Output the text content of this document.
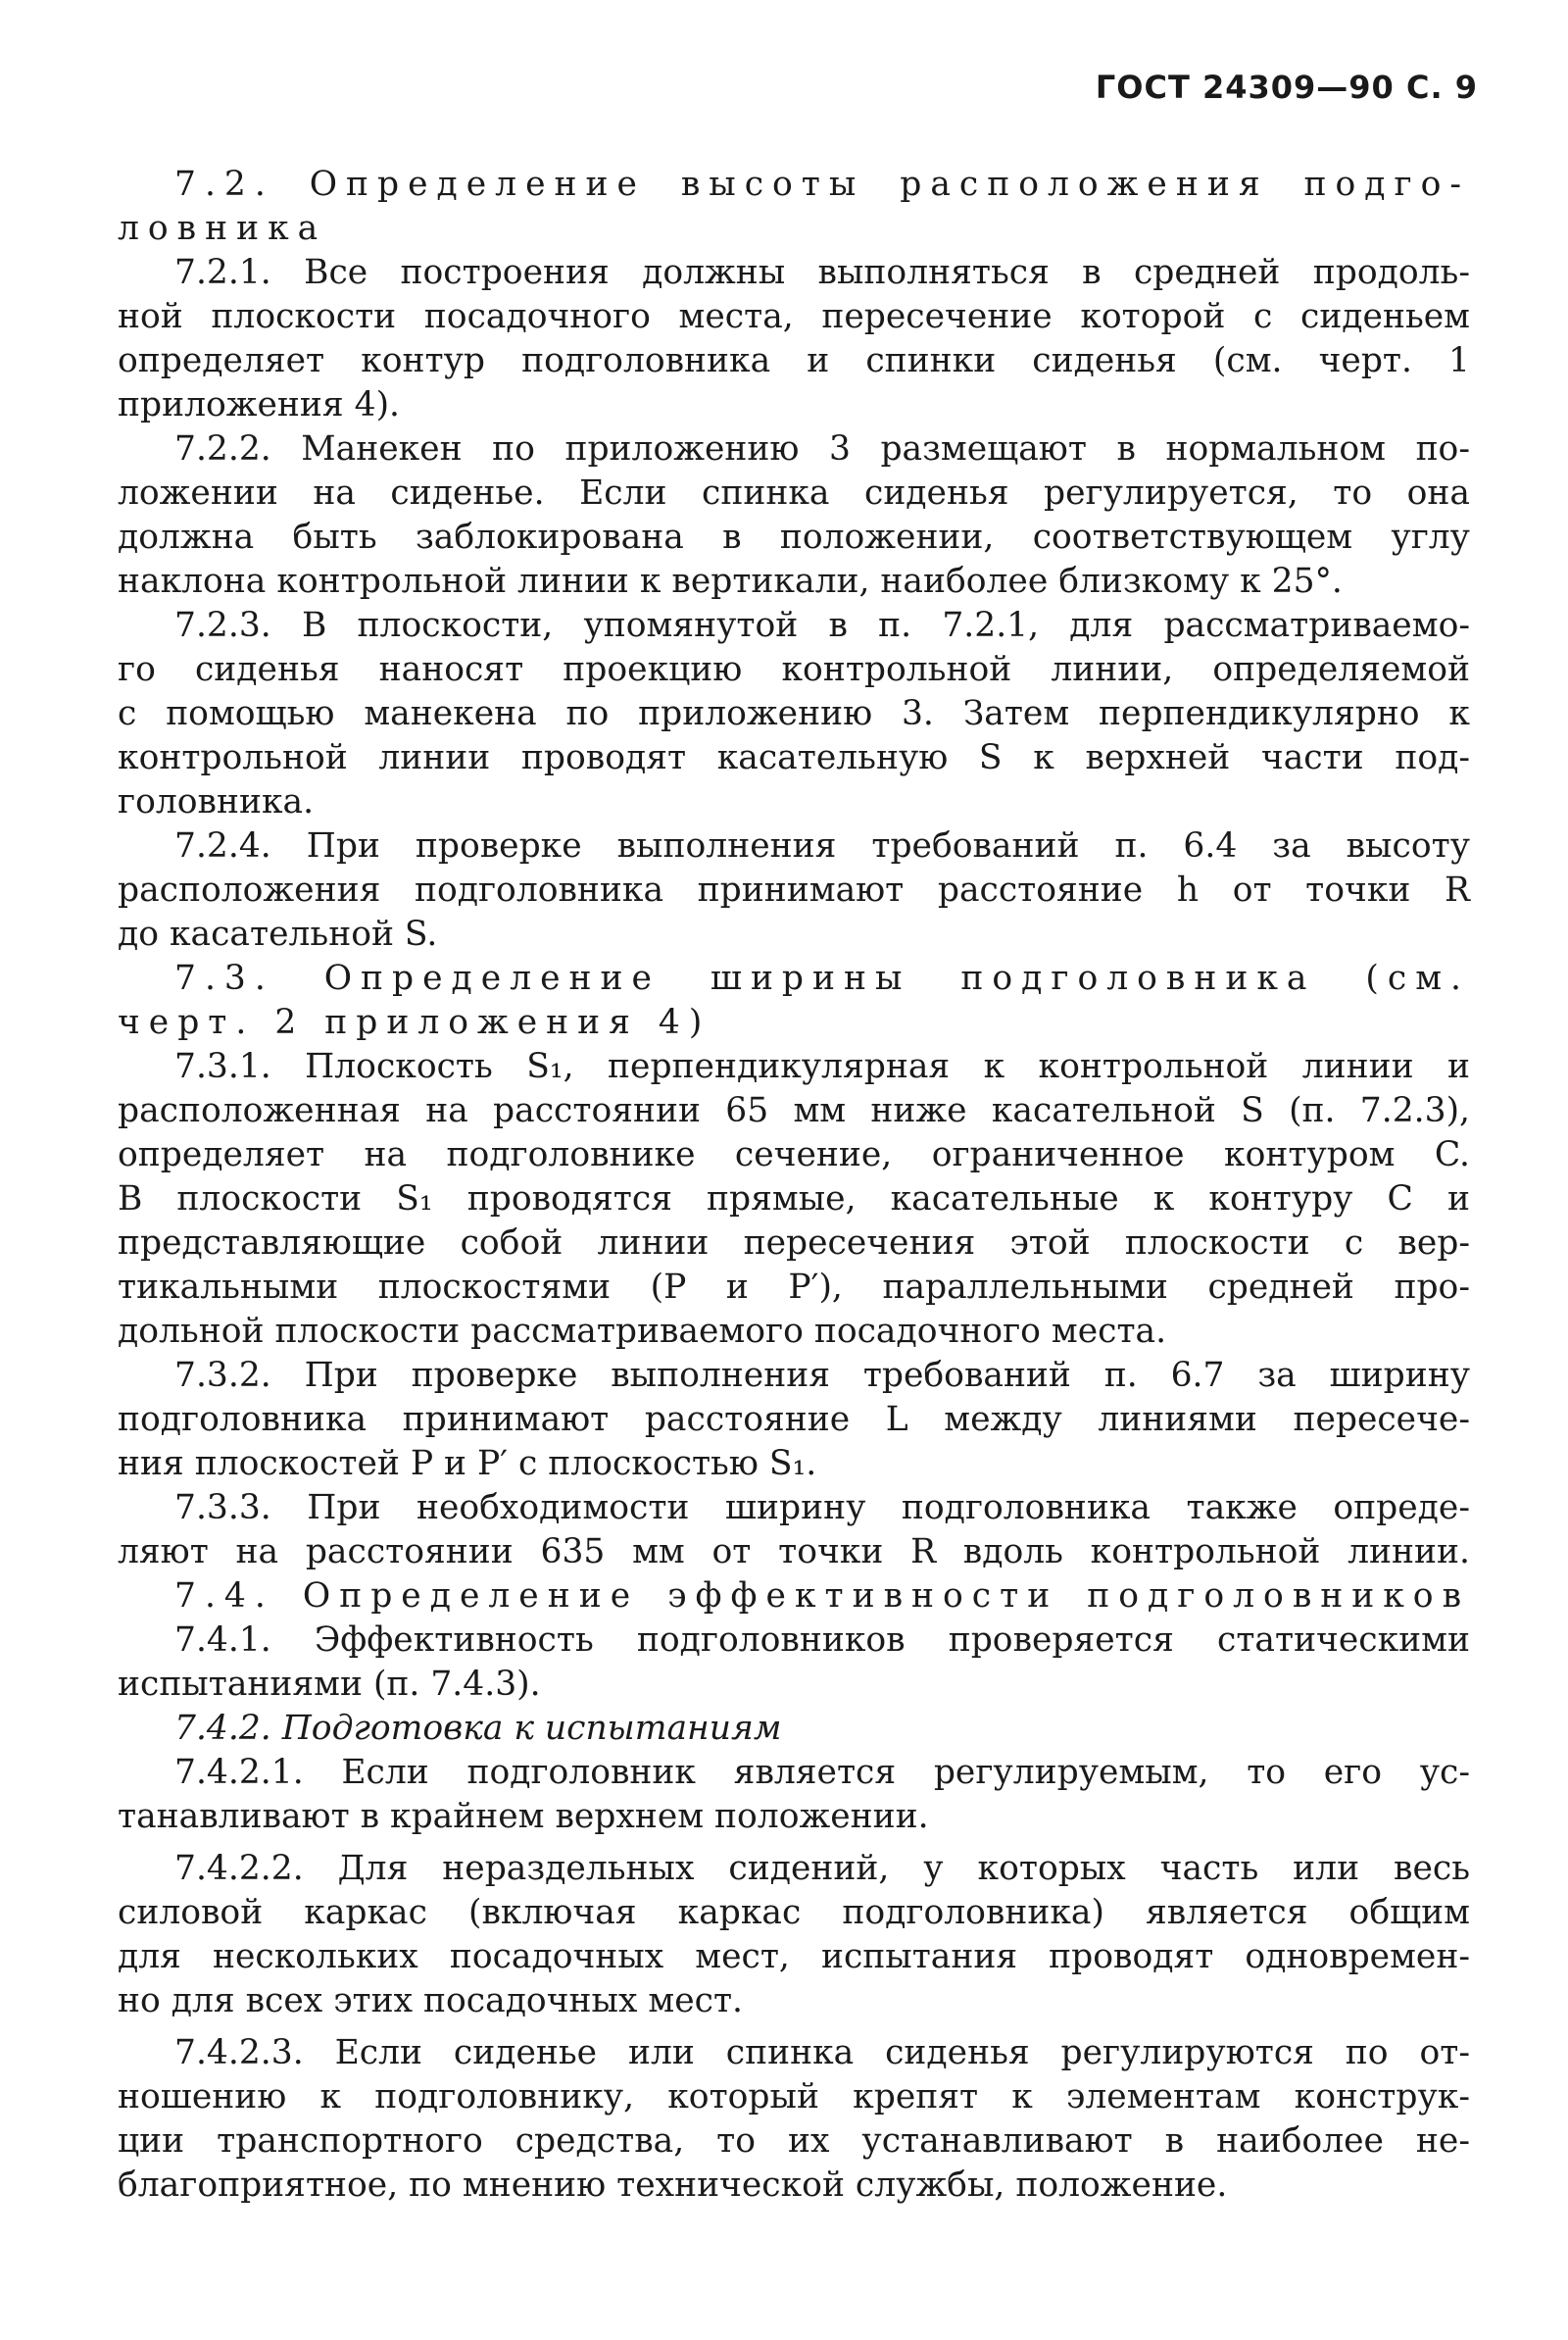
ГОСТ 24309—90 С. 9
7.2. Определение высоты расположения подго-
ловника
7.2.1. Все построения должны выполняться в средней продоль-
ной плоскости посадочного места, пересечение которой с сиденьем
определяет контур подголовника и спинки сиденья (см. черт. 1
приложения 4).
7.2.2. Манекен по приложению 3 размещают в нормальном по-
ложении на сиденье. Если спинка сиденья регулируется, то она
должна быть заблокирована в положении, соответствующем углу
наклона контрольной линии к вертикали, наиболее близкому к 25°.
7.2.3. В плоскости, упомянутой в п. 7.2.1, для рассматриваемо-
го сиденья наносят проекцию контрольной линии, определяемой
с помощью манекена по приложению 3. Затем перпендикулярно к
контрольной линии проводят касательную S к верхней части под-
головника.
7.2.4. При проверке выполнения требований п. 6.4 за высоту
расположения подголовника принимают расстояние h от точки R
до касательной S.
7.3. Определение ширины подголовника (см.
черт. 2 приложения 4)
7.3.1. Плоскость S₁, перпендикулярная к контрольной линии и
расположенная на расстоянии 65 мм ниже касательной S (п. 7.2.3),
определяет на подголовнике сечение, ограниченное контуром C.
В плоскости S₁ проводятся прямые, касательные к контуру C и
представляющие собой линии пересечения этой плоскости с вер-
тикальными плоскостями (P и P′), параллельными средней про-
дольной плоскости рассматриваемого посадочного места.
7.3.2. При проверке выполнения требований п. 6.7 за ширину
подголовника принимают расстояние L между линиями пересече-
ния плоскостей P и P′ с плоскостью S₁.
7.3.3. При необходимости ширину подголовника также опреде-
ляют на расстоянии 635 мм от точки R вдоль контрольной линии.
7.4. Определение эффективности подголовников
7.4.1. Эффективность подголовников проверяется статическими
испытаниями (п. 7.4.3).
7.4.2. Подготовка к испытаниям
7.4.2.1. Если подголовник является регулируемым, то его ус-
танавливают в крайнем верхнем положении.
7.4.2.2. Для нераздельных сидений, у которых часть или весь
силовой каркас (включая каркас подголовника) является общим
для нескольких посадочных мест, испытания проводят одновремен-
но для всех этих посадочных мест.
7.4.2.3. Если сиденье или спинка сиденья регулируются по от-
ношению к подголовнику, который крепят к элементам конструк-
ции транспортного средства, то их устанавливают в наиболее не-
благоприятное, по мнению технической службы, положение.
